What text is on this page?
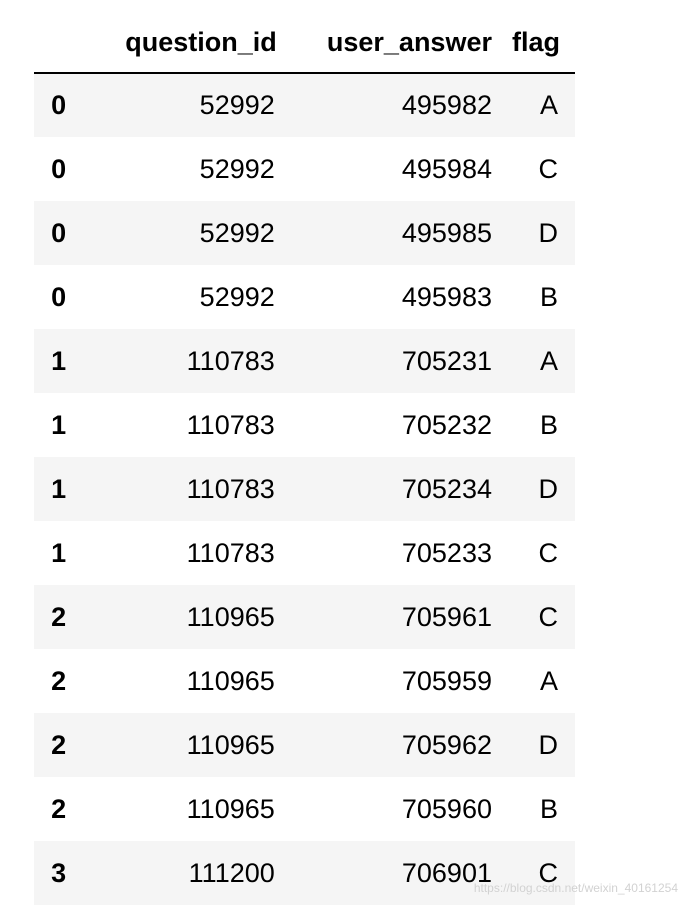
	question_id	user_answer	flag
0	52992	495982	A
0	52992	495984	C
0	52992	495985	D
0	52992	495983	B
1	110783	705231	A
1	110783	705232	B
1	110783	705234	D
1	110783	705233	C
2	110965	705961	C
2	110965	705959	A
2	110965	705962	D
2	110965	705960	B
3	111200	706901	C
https://blog.csdn.net/weixin_40161254
